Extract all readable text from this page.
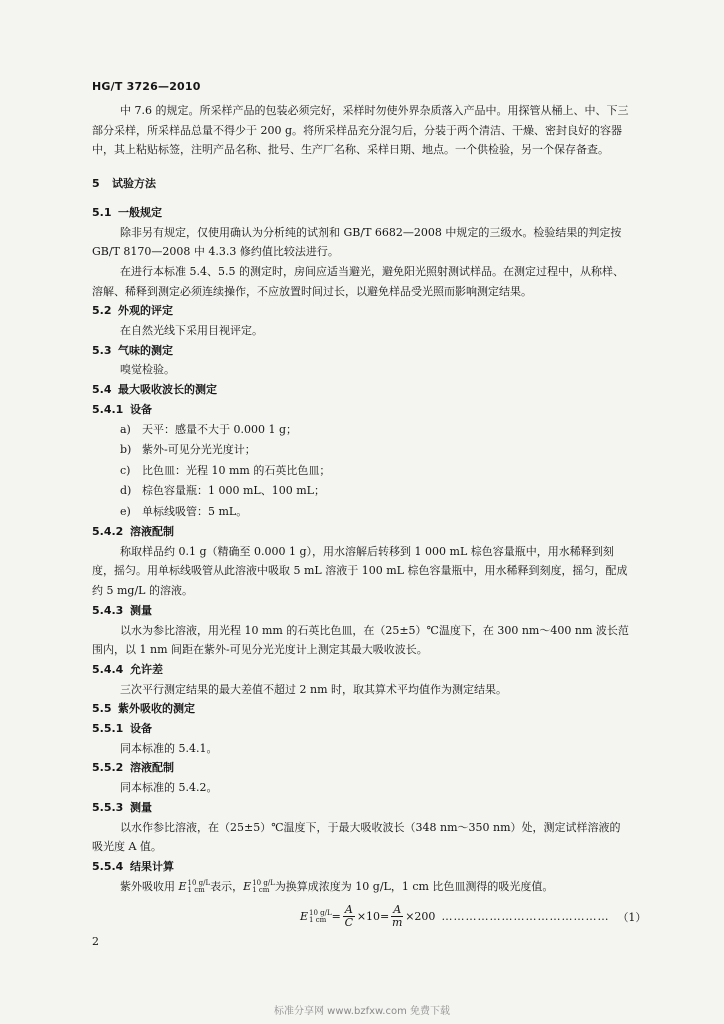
HG/T 3726—2010
中 7.6 的规定。所采样产品的包装必须完好，采样时勿使外界杂质落入产品中。用探管从桶上、中、下三部分采样，所采样品总量不得少于 200 g。将所采样品充分混匀后，分装于两个清洁、干燥、密封良好的容器中，其上粘贴标签，注明产品名称、批号、生产厂名称、采样日期、地点。一个供检验，另一个保存备查。
5 试验方法
5.1 一般规定
除非另有规定，仅使用确认为分析纯的试剂和 GB/T 6682—2008 中规定的三级水。检验结果的判定按 GB/T 8170—2008 中 4.3.3 修约值比较法进行。
在进行本标准 5.4、5.5 的测定时，房间应适当避光，避免阳光照射测试样品。在测定过程中，从称样、溶解、稀释到测定必须连续操作，不应放置时间过长，以避免样品受光照而影响测定结果。
5.2 外观的评定
在自然光线下采用目视评定。
5.3 气味的测定
嗅觉检验。
5.4 最大吸收波长的测定
5.4.1 设备
a) 天平：感量不大于 0.000 1 g；
b) 紫外-可见分光光度计；
c) 比色皿：光程 10 mm 的石英比色皿；
d) 棕色容量瓶：1 000 mL、100 mL；
e) 单标线吸管：5 mL。
5.4.2 溶液配制
称取样品约 0.1 g（精确至 0.000 1 g），用水溶解后转移到 1 000 mL 棕色容量瓶中，用水稀释到刻度，摇匀。用单标线吸管从此溶液中吸取 5 mL 溶液于 100 mL 棕色容量瓶中，用水稀释到刻度，摇匀，配成约 5 mg/L 的溶液。
5.4.3 测量
以水为参比溶液，用光程 10 mm 的石英比色皿，在（25±5）℃温度下，在 300 nm～400 nm 波长范围内，以 1 nm 间距在紫外-可见分光光度计上测定其最大吸收波长。
5.4.4 允许差
三次平行测定结果的最大差值不超过 2 nm 时，取其算术平均值作为测定结果。
5.5 紫外吸收的测定
5.5.1 设备
同本标准的 5.4.1。
5.5.2 溶液配制
同本标准的 5.4.2。
5.5.3 测量
以水作参比溶液，在（25±5）℃温度下，于最大吸收波长（348 nm～350 nm）处，测定试样溶液的吸光度 A 值。
5.5.4 结果计算
紫外吸收用 E 10 g/L
1 cm 表示，E 10 g/L
1 cm 为换算成浓度为 10 g/L，1 cm 比色皿测得的吸光度值。
E 10 g/L
1 cm = $\frac{A}{C} \times 10= \frac{A}{m} \times 200$ …………………………………… （1）
2
标准分享网 www.bzfxw.com 免费下载
